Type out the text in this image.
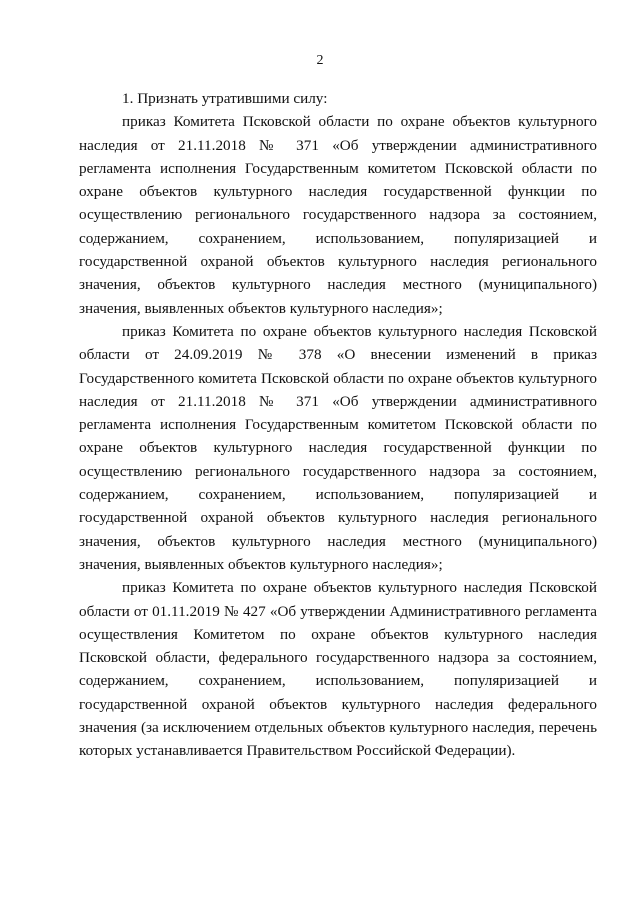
2

1. Признать утратившими силу:

приказ Комитета Псковской области по охране объектов культурного наследия от 21.11.2018 № 371 «Об утверждении административного регламента исполнения Государственным комитетом Псковской области по охране объектов культурного наследия государственной функции по осуществлению регионального государственного надзора за состоянием, содержанием, сохранением, использованием, популяризацией и государственной охраной объектов культурного наследия регионального значения, объектов культурного наследия местного (муниципального) значения, выявленных объектов культурного наследия»;

приказ Комитета по охране объектов культурного наследия Псковской области от 24.09.2019 № 378 «О внесении изменений в приказ Государственного комитета Псковской области по охране объектов культурного наследия от 21.11.2018 № 371 «Об утверждении административного регламента исполнения Государственным комитетом Псковской области по охране объектов культурного наследия государственной функции по осуществлению регионального государственного надзора за состоянием, содержанием, сохранением, использованием, популяризацией и государственной охраной объектов культурного наследия регионального значения, объектов культурного наследия местного (муниципального) значения, выявленных объектов культурного наследия»;

приказ Комитета по охране объектов культурного наследия Псковской области от 01.11.2019 № 427 «Об утверждении Административного регламента осуществления Комитетом по охране объектов культурного наследия Псковской области, федерального государственного надзора за состоянием, содержанием, сохранением, использованием, популяризацией и государственной охраной объектов культурного наследия федерального значения (за исключением отдельных объектов культурного наследия, перечень которых устанавливается Правительством Российской Федерации).
